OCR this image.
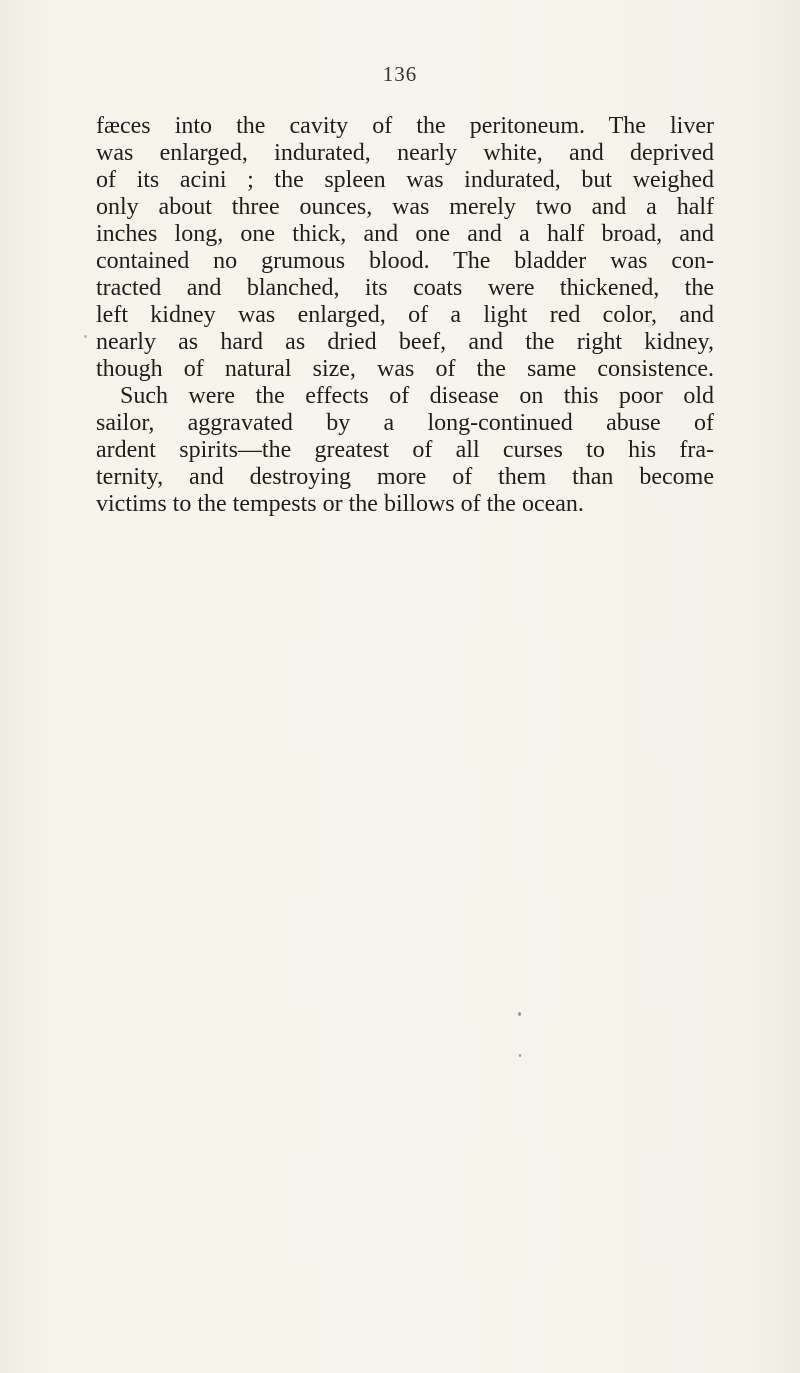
136
fæces into the cavity of the peritoneum. The liver
was enlarged, indurated, nearly white, and deprived
of its acini ; the spleen was indurated, but weighed
only about three ounces, was merely two and a half
inches long, one thick, and one and a half broad, and
contained no grumous blood. The bladder was con-
tracted and blanched, its coats were thickened, the
left kidney was enlarged, of a light red color, and
nearly as hard as dried beef, and the right kidney,
though of natural size, was of the same consistence.
Such were the effects of disease on this poor old
sailor, aggravated by a long-continued abuse of
ardent spirits—the greatest of all curses to his fra-
ternity, and destroying more of them than become
victims to the tempests or the billows of the ocean.
